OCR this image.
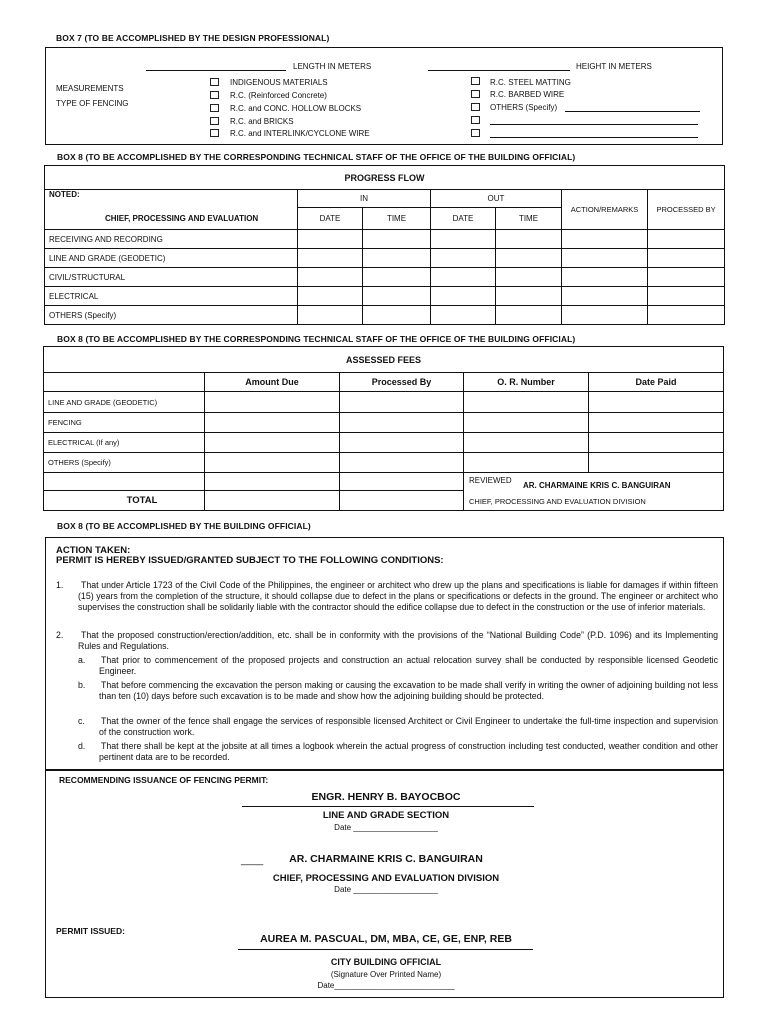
BOX 7 (TO BE ACCOMPLISHED BY THE DESIGN PROFESSIONAL)
LENGTH IN METERS	HEIGHT IN METERS
MEASUREMENTS
TYPE OF FENCING
INDIGENOUS MATERIALS
R.C. (Reinforced Concrete)
R.C. and CONC. HOLLOW BLOCKS
R.C. and BRICKS
R.C. and INTERLINK/CYCLONE WIRE
R.C. STEEL MATTING
R.C. BARBED WIRE
OTHERS (Specify)
BOX 8 (TO BE ACCOMPLISHED BY THE CORRESPONDING TECHNICAL STAFF OF THE OFFICE OF THE BUILDING OFFICIAL)
PROGRESS FLOW						
NOTED:	IN		OUT		ACTION/REMARKS	PROCESSED BY
CHIEF, PROCESSING AND EVALUATION	DATE	TIME	DATE	TIME		
RECEIVING AND RECORDING						
LINE AND GRADE (GEODETIC)						
CIVIL/STRUCTURAL						
ELECTRICAL						
OTHERS (Specify)						
BOX 8 (TO BE ACCOMPLISHED BY THE CORRESPONDING TECHNICAL STAFF OF THE OFFICE OF THE BUILDING OFFICIAL)
ASSESSED FEES				
	Amount Due	Processed By	O. R. Number	Date Paid
LINE AND GRADE (GEODETIC)				
FENCING				
ELECTRICAL (If any)				
OTHERS (Specify)				

			REVIEWED
AR. CHARMAINE KRIS C. BANGUIRAN
CHIEF, PROCESSING AND EVALUATION DIVISION	

TOTAL				
BOX 8 (TO BE ACCOMPLISHED BY THE BUILDING OFFICIAL)
ACTION TAKEN:
PERMIT IS HEREBY ISSUED/GRANTED SUBJECT TO THE FOLLOWING CONDITIONS:
1.	That under Article 1723 of the Civil Code of the Philippines, the engineer or architect who drew up the plans and specifications is liable for damages if within fifteen (15) years from the completion of the structure, it should collapse due to defect in the plans or specifications or defects in the ground. The engineer or architect who supervises the construction shall be solidarily liable with the contractor should the edifice collapse due to defect in the construction or the use of inferior materials.
2.	That the proposed construction/erection/addition, etc. shall be in conformity with the provisions of the “National Building Code” (P.D. 1096) and its Implementing Rules and Regulations.
a. That prior to commencement of the proposed projects and construction an actual relocation survey shall be conducted by responsible licensed Geodetic Engineer.
b. That before commencing the excavation the person making or causing the excavation to be made shall verify in writing the owner of adjoining building not less than ten (10) days before such excavation is to be made and show how the adjoining building should be protected.
c. That the owner of the fence shall engage the services of responsible licensed Architect or Civil Engineer to undertake the full-time inspection and supervision of the construction work.
d. That there shall be kept at the jobsite at all times a logbook wherein the actual progress of construction including test conducted, weather condition and other pertinent data are to be recorded.
RECOMMENDING ISSUANCE OF FENCING PERMIT:
ENGR. HENRY B. BAYOCBOC
LINE AND GRADE SECTION
Date ___________________
____	AR. CHARMAINE KRIS C. BANGUIRAN
CHIEF, PROCESSING AND EVALUATION DIVISION
Date ___________________
PERMIT ISSUED:
AUREA M. PASCUAL, DM, MBA, CE, GE, ENP, REB
CITY BUILDING OFFICIAL
(Signature Over Printed Name)
Date___________________________
